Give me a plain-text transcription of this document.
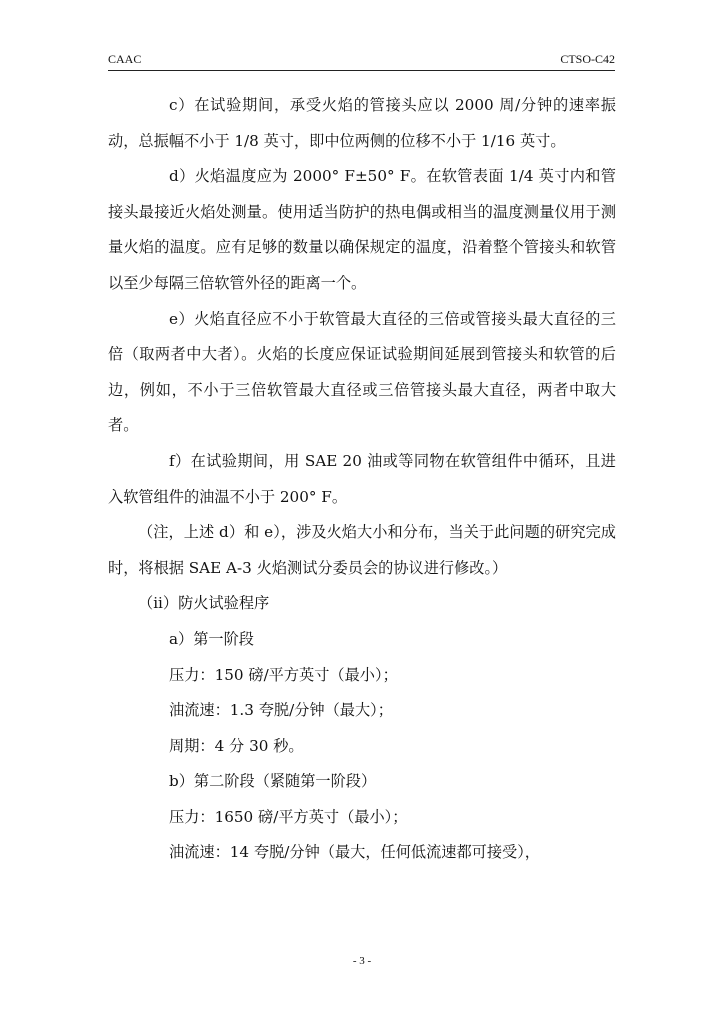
CAAC	CTSO-C42

c）在试验期间，承受火焰的管接头应以 2000 周/分钟的速率振动，总振幅不小于 1/8 英寸，即中位两侧的位移不小于 1/16 英寸。

d）火焰温度应为 2000° F±50° F。在软管表面 1/4 英寸内和管接头最接近火焰处测量。使用适当防护的热电偶或相当的温度测量仪用于测量火焰的温度。应有足够的数量以确保规定的温度，沿着整个管接头和软管以至少每隔三倍软管外径的距离一个。

e）火焰直径应不小于软管最大直径的三倍或管接头最大直径的三倍（取两者中大者）。火焰的长度应保证试验期间延展到管接头和软管的后边，例如，不小于三倍软管最大直径或三倍管接头最大直径，两者中取大者。

f）在试验期间，用 SAE 20 油或等同物在软管组件中循环，且进入软管组件的油温不小于 200° F。

（注，上述 d）和 e），涉及火焰大小和分布，当关于此问题的研究完成时，将根据 SAE A-3 火焰测试分委员会的协议进行修改。）

（ii）防火试验程序

a）第一阶段

压力：150 磅/平方英寸（最小）；

油流速：1.3 夸脱/分钟（最大）；

周期：4 分 30 秒。

b）第二阶段（紧随第一阶段）

压力：1650 磅/平方英寸（最小）；

油流速：14 夸脱/分钟（最大，任何低流速都可接受），

- 3 -
